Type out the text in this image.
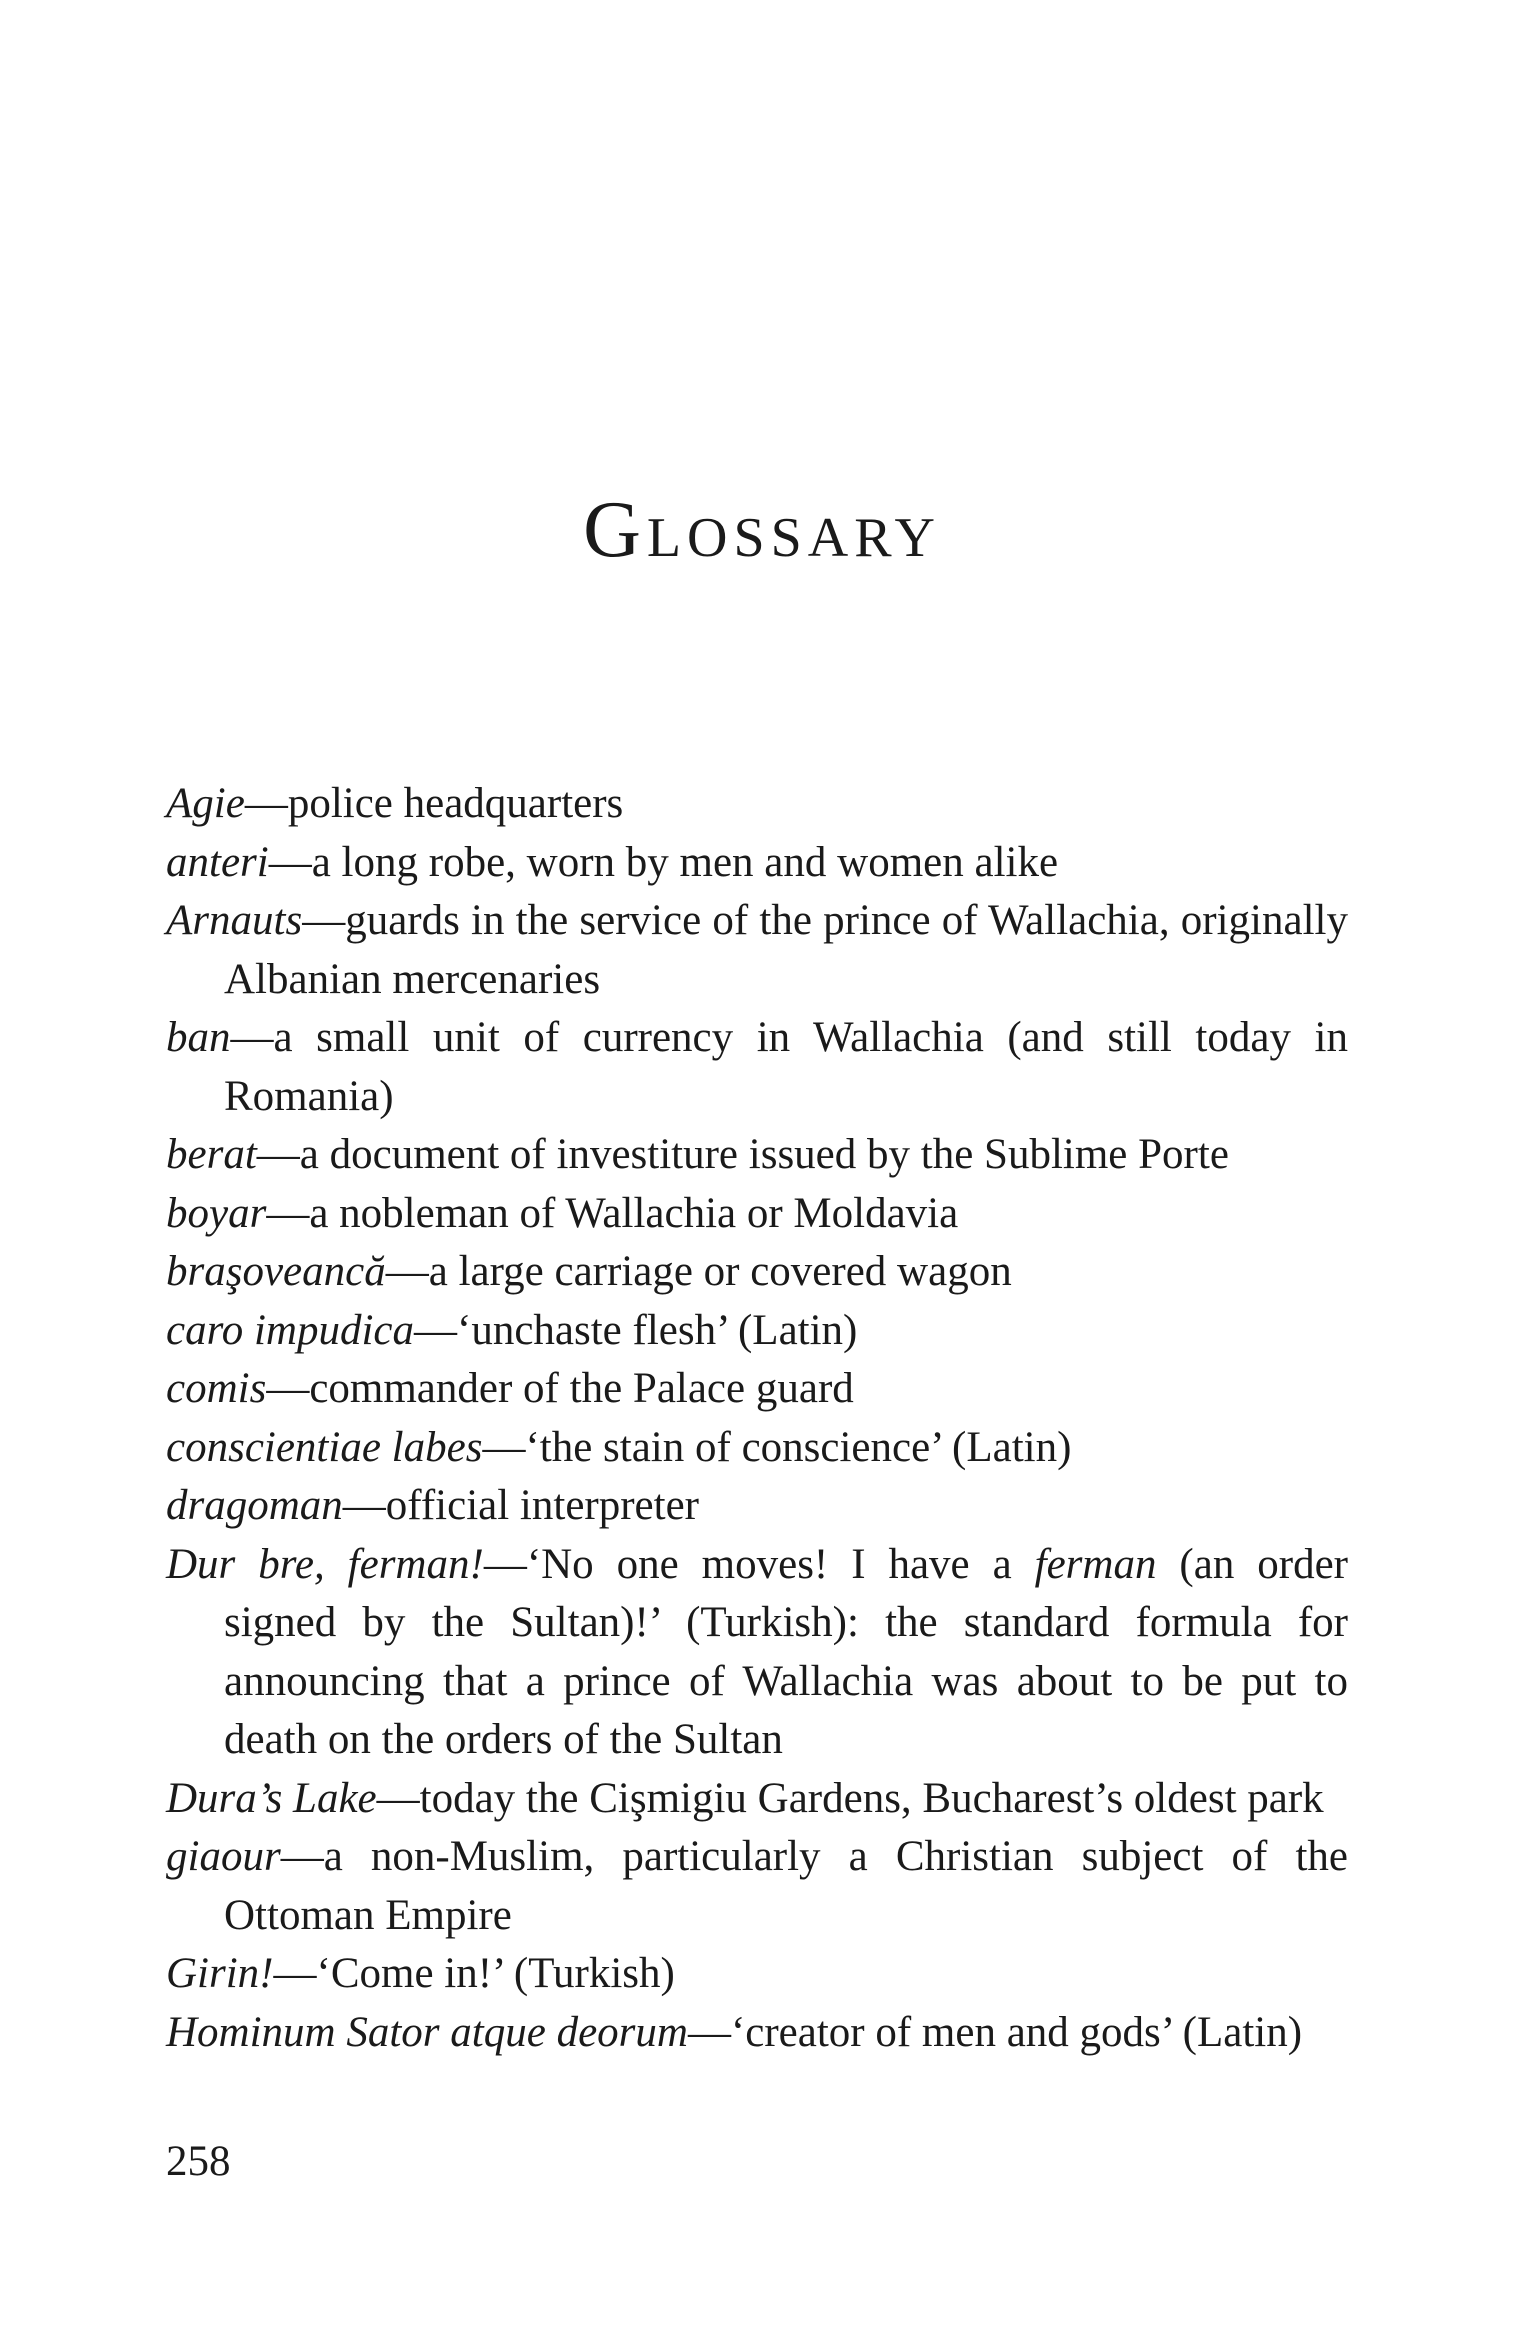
Glossary

Agie—police headquarters

anteri—a long robe, worn by men and women alike

Arnauts—guards in the service of the prince of Wallachia, originally Albanian mercenaries

ban—a small unit of currency in Wallachia (and still today in Romania)

berat—a document of investiture issued by the Sublime Porte

boyar—a nobleman of Wallachia or Moldavia

braşoveancă—a large carriage or covered wagon

caro impudica—‘unchaste flesh’ (Latin)

comis—commander of the Palace guard

conscientiae labes—‘the stain of conscience’ (Latin)

dragoman—official interpreter

Dur bre, ferman!—‘No one moves! I have a ferman (an order signed by the Sultan)!’ (Turkish): the standard formula for announcing that a prince of Wallachia was about to be put to death on the orders of the Sultan

Dura’s Lake—today the Cişmigiu Gardens, Bucharest’s oldest park

giaour—a non-Muslim, particularly a Christian subject of the Ottoman Empire

Girin!—‘Come in!’ (Turkish)

Hominum Sator atque deorum—‘creator of men and gods’ (Latin)

258
